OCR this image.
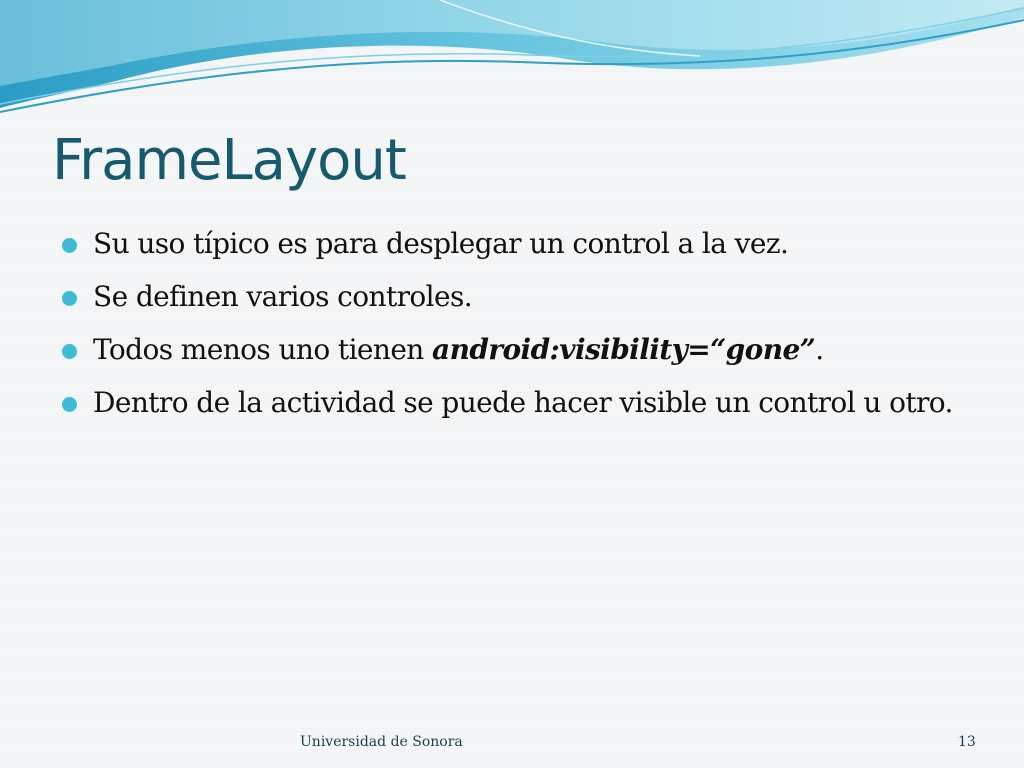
FrameLayout
Su uso típico es para desplegar un control a la vez.
Se definen varios controles.
Todos menos uno tienen android:visibility=“gone”.
Dentro de la actividad se puede hacer visible un control u otro.
Universidad de Sonora	13
